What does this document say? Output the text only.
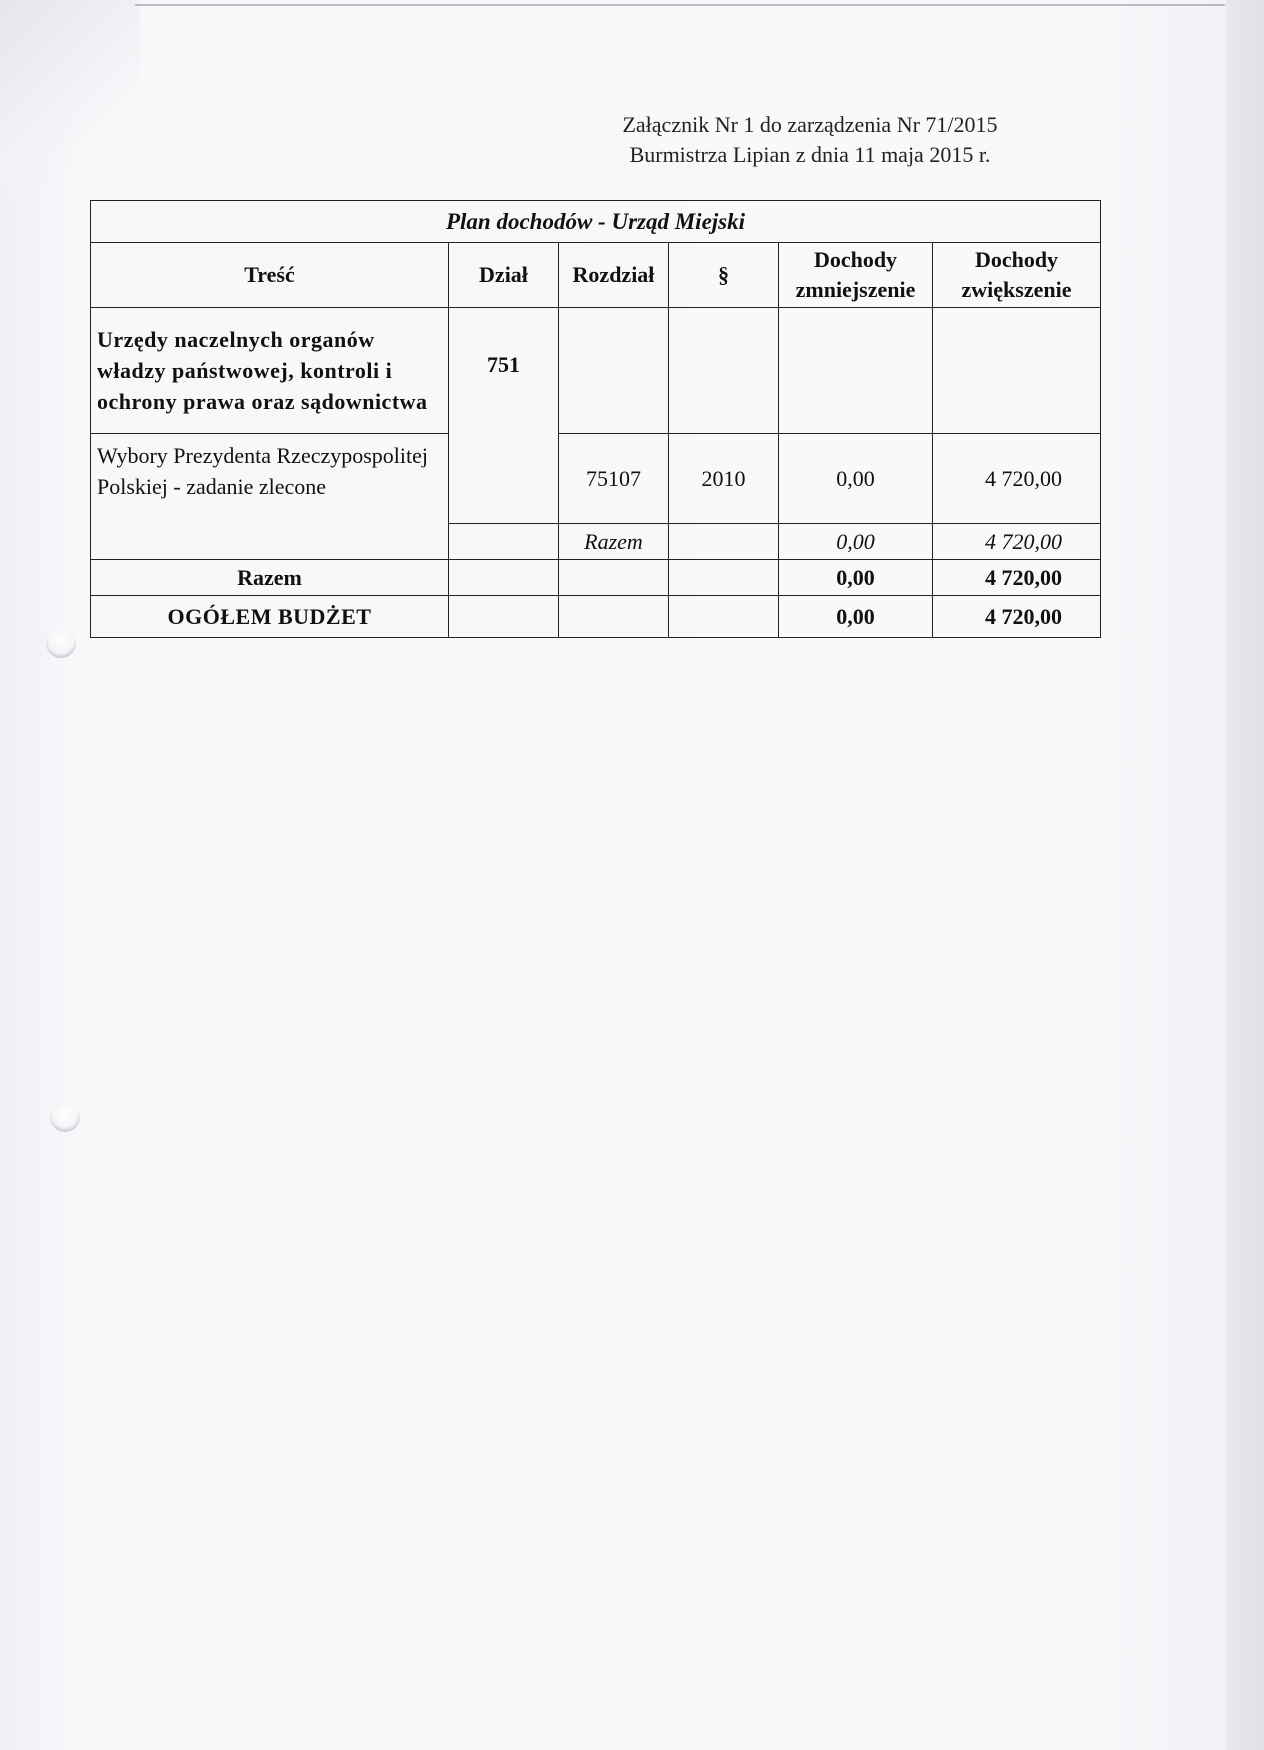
Załącznik Nr 1 do zarządzenia Nr 71/2015
Burmistrza Lipian z dnia 11 maja 2015 r.
Plan dochodów - Urząd Miejski					
Treść	Dział	Rozdział	§	Dochody zmniejszenie	Dochody zwiększenie
Urzędy naczelnych organów władzy państwowej, kontroli i ochrony prawa oraz sądownictwa	751				
Wybory Prezydenta Rzeczypospolitej Polskiej - zadanie zlecone		75107	2010	0,00	4 720,00
		Razem		0,00	4 720,00
Razem				0,00	4 720,00
OGÓŁEM BUDŻET				0,00	4 720,00
